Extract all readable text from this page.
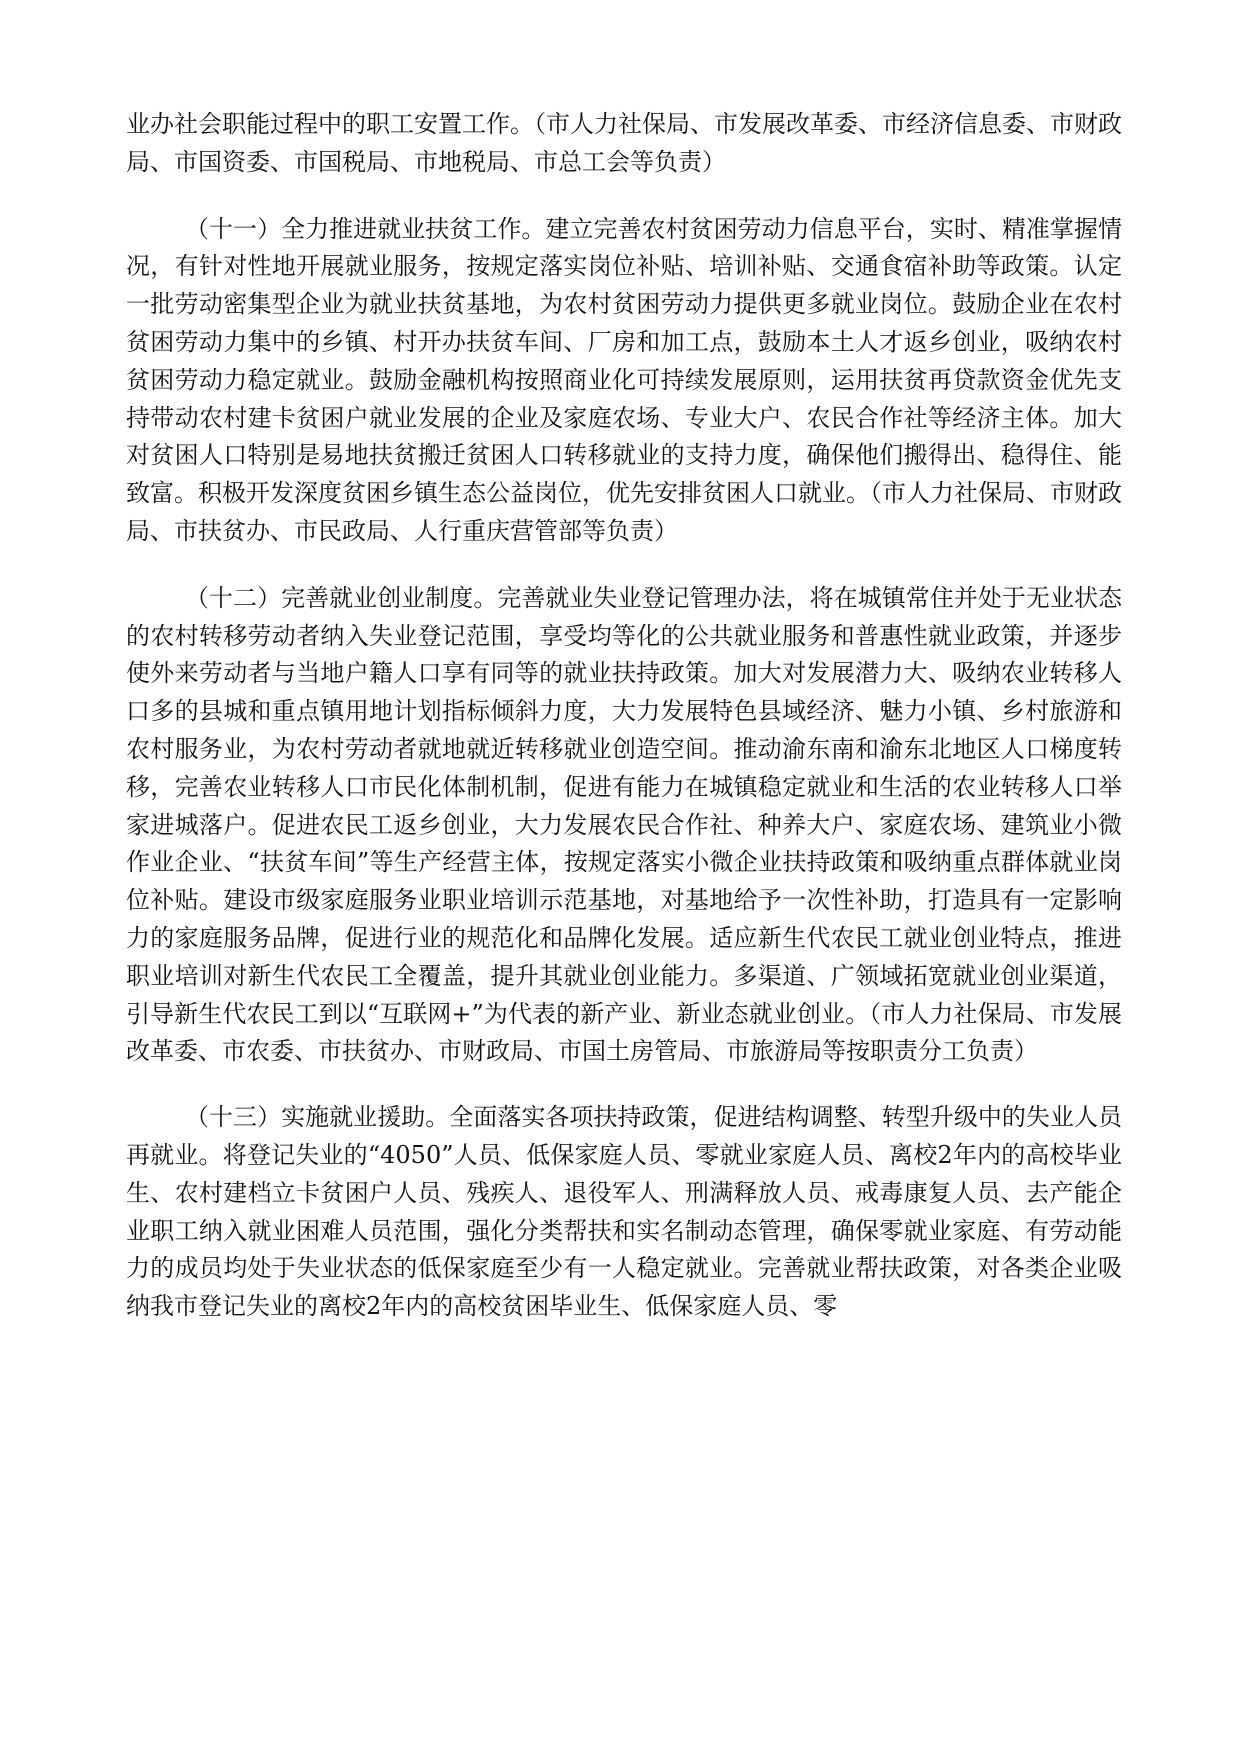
业办社会职能过程中的职工安置工作。（市人力社保局、市发展改革委、市经济信息委、市财政局、市国资委、市国税局、市地税局、市总工会等负责）

（十一）全力推进就业扶贫工作。建立完善农村贫困劳动力信息平台，实时、精准掌握情况，有针对性地开展就业服务，按规定落实岗位补贴、培训补贴、交通食宿补助等政策。认定一批劳动密集型企业为就业扶贫基地，为农村贫困劳动力提供更多就业岗位。鼓励企业在农村贫困劳动力集中的乡镇、村开办扶贫车间、厂房和加工点，鼓励本土人才返乡创业，吸纳农村贫困劳动力稳定就业。鼓励金融机构按照商业化可持续发展原则，运用扶贫再贷款资金优先支持带动农村建卡贫困户就业发展的企业及家庭农场、专业大户、农民合作社等经济主体。加大对贫困人口特别是易地扶贫搬迁贫困人口转移就业的支持力度，确保他们搬得出、稳得住、能致富。积极开发深度贫困乡镇生态公益岗位，优先安排贫困人口就业。（市人力社保局、市财政局、市扶贫办、市民政局、人行重庆营管部等负责）

（十二）完善就业创业制度。完善就业失业登记管理办法，将在城镇常住并处于无业状态的农村转移劳动者纳入失业登记范围，享受均等化的公共就业服务和普惠性就业政策，并逐步使外来劳动者与当地户籍人口享有同等的就业扶持政策。加大对发展潜力大、吸纳农业转移人口多的县城和重点镇用地计划指标倾斜力度，大力发展特色县域经济、魅力小镇、乡村旅游和农村服务业，为农村劳动者就地就近转移就业创造空间。推动渝东南和渝东北地区人口梯度转移，完善农业转移人口市民化体制机制，促进有能力在城镇稳定就业和生活的农业转移人口举家进城落户。促进农民工返乡创业，大力发展农民合作社、种养大户、家庭农场、建筑业小微作业企业、“扶贫车间”等生产经营主体，按规定落实小微企业扶持政策和吸纳重点群体就业岗位补贴。建设市级家庭服务业职业培训示范基地，对基地给予一次性补助，打造具有一定影响力的家庭服务品牌，促进行业的规范化和品牌化发展。适应新生代农民工就业创业特点，推进职业培训对新生代农民工全覆盖，提升其就业创业能力。多渠道、广领域拓宽就业创业渠道，引导新生代农民工到以“互联网+”为代表的新产业、新业态就业创业。（市人力社保局、市发展改革委、市农委、市扶贫办、市财政局、市国土房管局、市旅游局等按职责分工负责）

（十三）实施就业援助。全面落实各项扶持政策，促进结构调整、转型升级中的失业人员再就业。将登记失业的“4050”人员、低保家庭人员、零就业家庭人员、离校2年内的高校毕业生、农村建档立卡贫困户人员、残疾人、退役军人、刑满释放人员、戒毒康复人员、去产能企业职工纳入就业困难人员范围，强化分类帮扶和实名制动态管理，确保零就业家庭、有劳动能力的成员均处于失业状态的低保家庭至少有一人稳定就业。完善就业帮扶政策，对各类企业吸纳我市登记失业的离校2年内的高校贫困毕业生、低保家庭人员、零
